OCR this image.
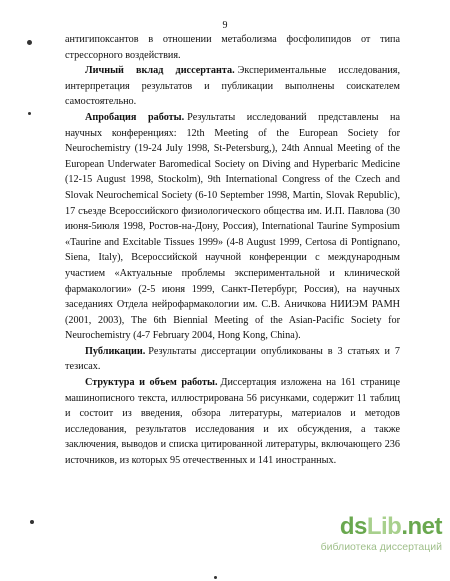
9

антигипоксантов в отношении метаболизма фосфолипидов от типа стрессорного воздействия.

Личный вклад диссертанта. Экспериментальные исследования, интерпретация результатов и публикации выполнены соискателем самостоятельно.

Апробация работы. Результаты исследований представлены на научных конференциях: 12th Meeting of the European Society for Neurochemistry (19-24 July 1998, St-Petersburg,), 24th Annual Meeting of the European Underwater Baromedical Society on Diving and Hyperbaric Medicine (12-15 August 1998, Stockolm), 9th International Congress of the Czech and Slovak Neurochemical Society (6-10 September 1998, Martin, Slovak Republic), 17 съезде Всероссийского физиологического общества им. И.П. Павлова (30 июня-5июля 1998, Ростов-на-Дону, Россия), International Taurine Symposium «Taurine and Excitable Tissues 1999» (4-8 August 1999, Certosa di Pontignano, Siena, Italy), Всероссийской научной конференции с международным участием «Актуальные проблемы экспериментальной и клинической фармакологии» (2-5 июня 1999, Санкт-Петербург, Россия), на научных заседаниях Отдела нейрофармакологии им. С.В. Аничкова НИИЭМ РАМН (2001, 2003), The 6th Biennial Meeting of the Asian-Pacific Society for Neurochemistry (4-7 February 2004, Hong Kong, China).

Публикации. Результаты диссертации опубликованы в 3 статьях и 7 тезисах.

Структура и объем работы. Диссертация изложена на 161 странице машинописного текста, иллюстрирована 56 рисунками, содержит 11 таблиц и состоит из введения, обзора литературы, материалов и методов исследования, результатов исследования и их обсуждения, а также заключения, выводов и списка цитированной литературы, включающего 236 источников, из которых 95 отечественных и 141 иностранных.

ds Lib .net
библиотека диссертаций
